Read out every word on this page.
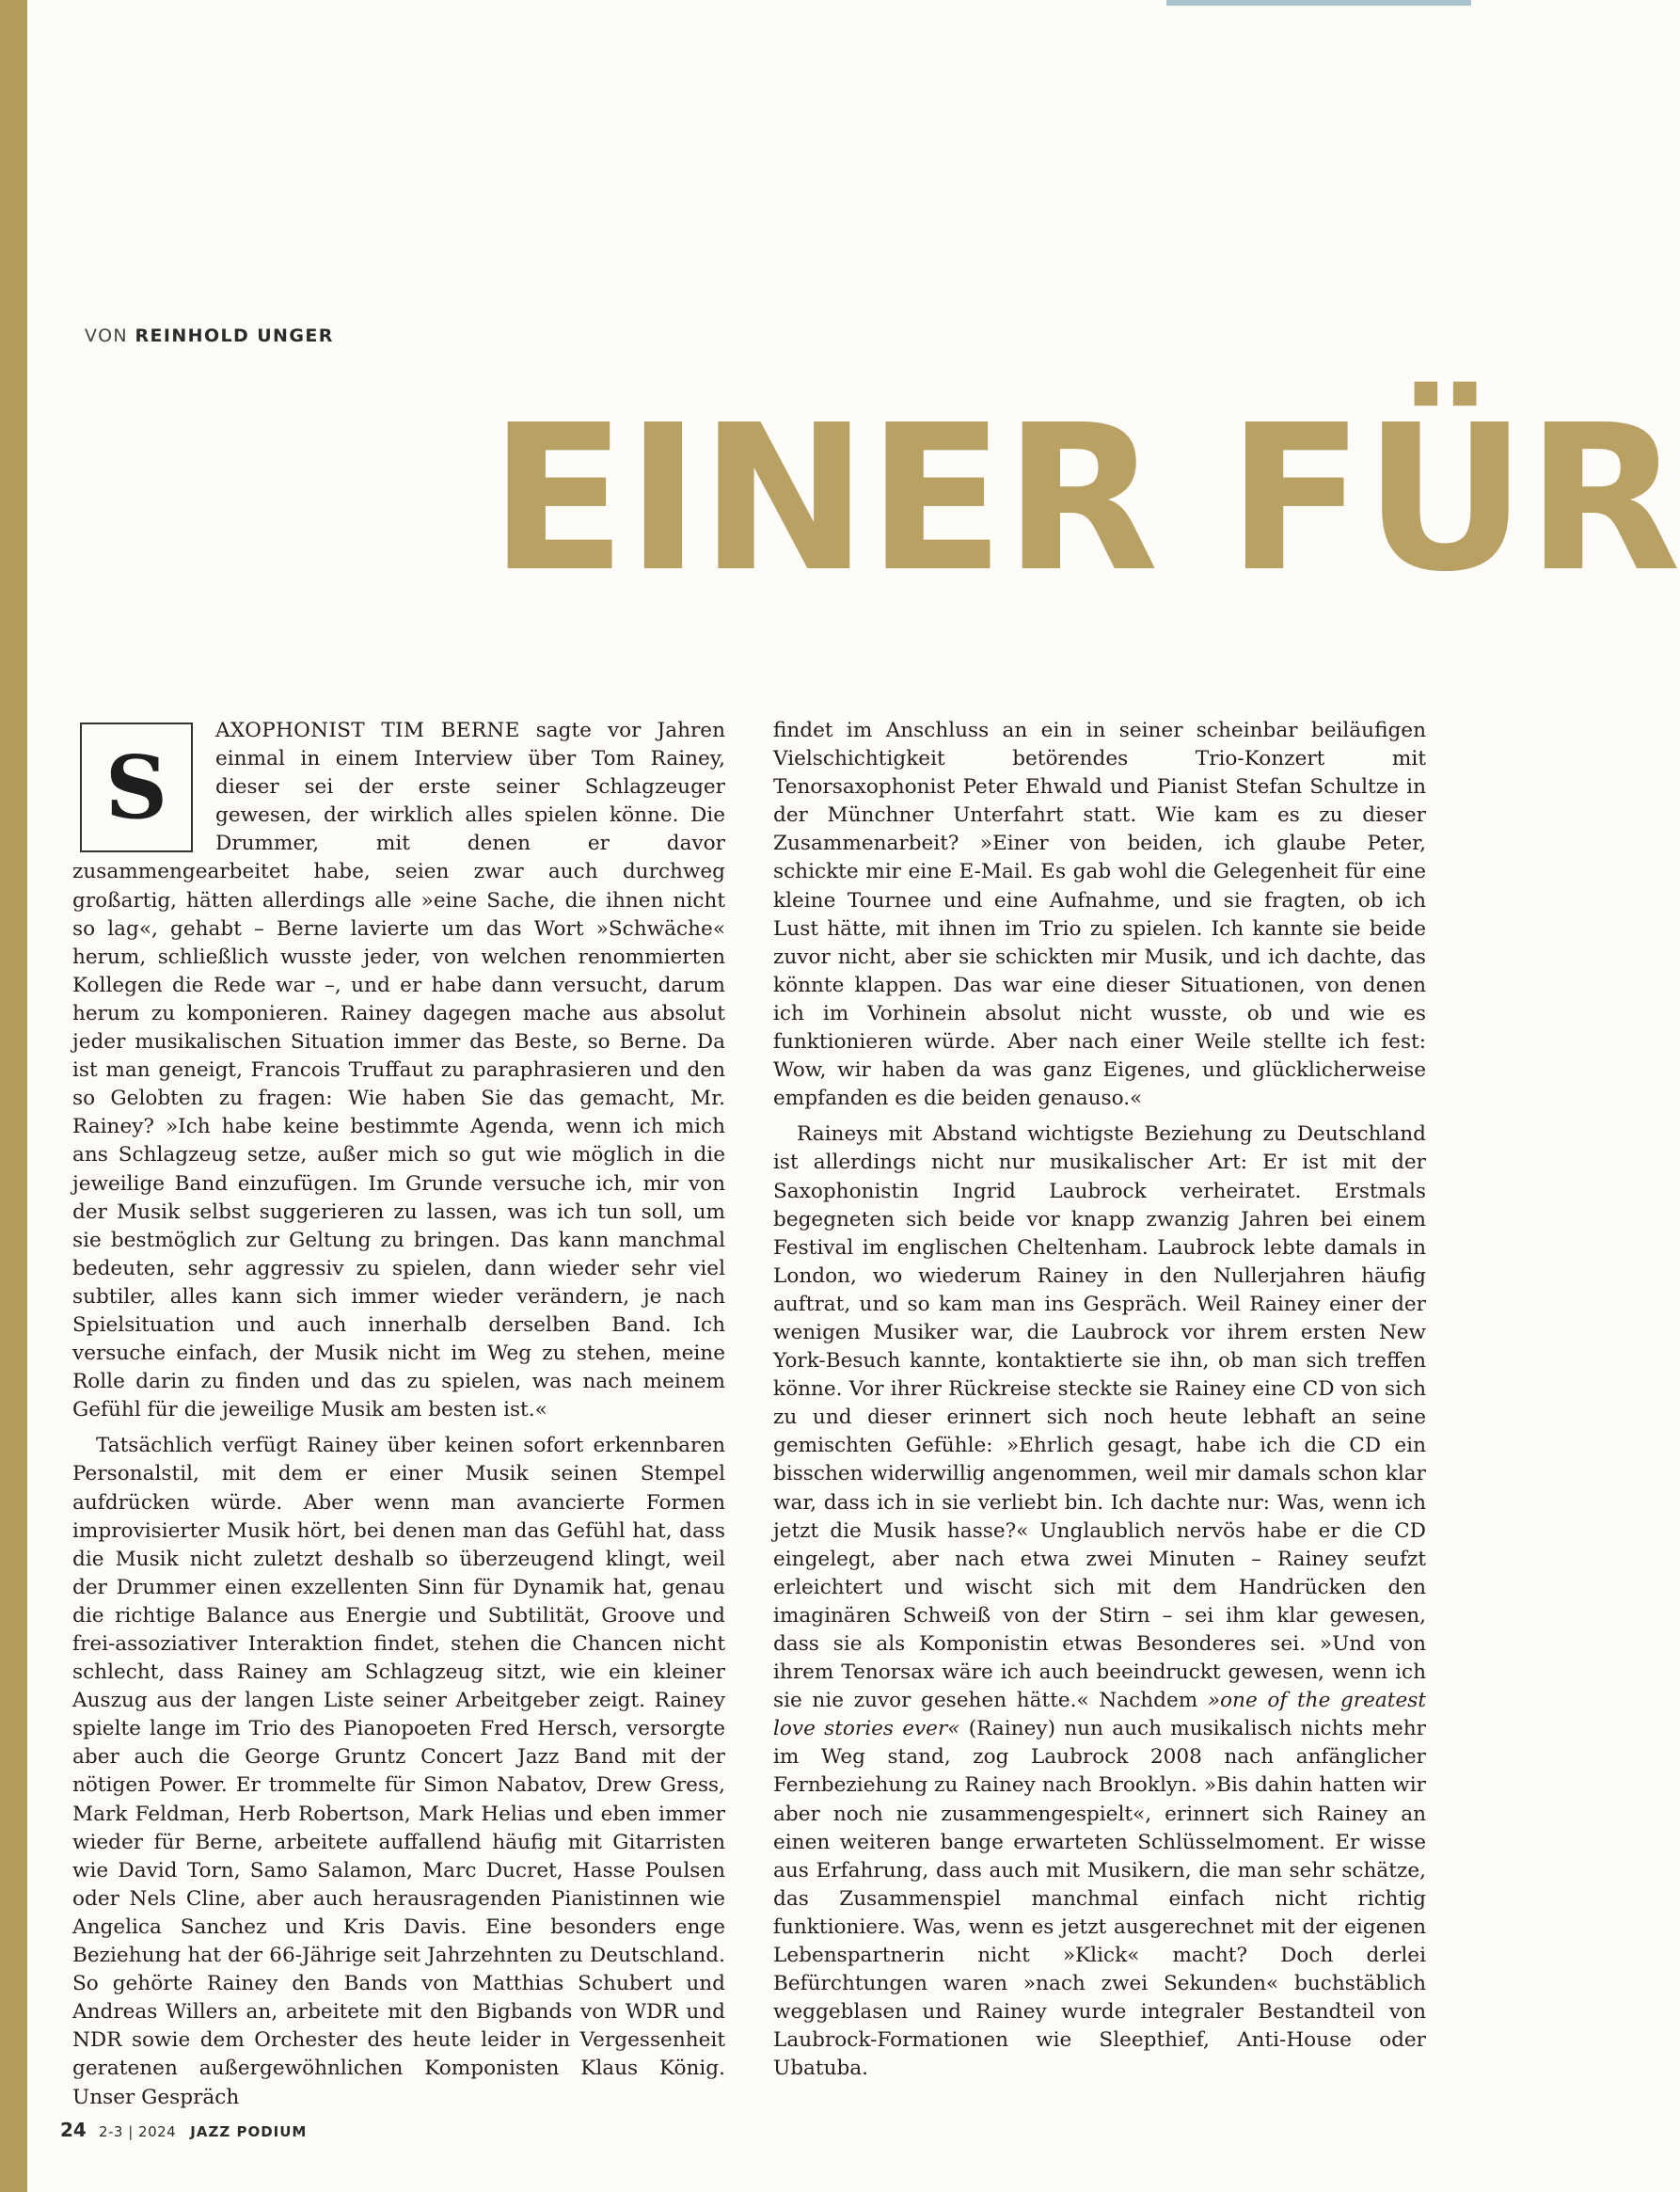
VON REINHOLD UNGER
EINER FÜR

S
AXOPHONIST TIM BERNE sagte vor Jahren einmal in einem Interview über Tom Rainey, dieser sei der erste seiner Schlagzeuger gewesen, der wirklich alles spielen könne. Die Drummer, mit denen er davor zusammengearbeitet habe, seien zwar auch durchweg großartig, hätten allerdings alle »eine Sache, die ihnen nicht so lag«, gehabt – Berne lavierte um das Wort »Schwäche« herum, schließlich wusste jeder, von welchen renommierten Kollegen die Rede war –, und er habe dann versucht, darum herum zu komponieren. Rainey dagegen mache aus absolut jeder musikalischen Situation immer das Beste, so Berne. Da ist man geneigt, Francois Truffaut zu paraphrasieren und den so Gelobten zu fragen: Wie haben Sie das gemacht, Mr. Rainey? »Ich habe keine bestimmte Agenda, wenn ich mich ans Schlagzeug setze, außer mich so gut wie möglich in die jeweilige Band einzufügen. Im Grunde versuche ich, mir von der Musik selbst suggerieren zu lassen, was ich tun soll, um sie bestmöglich zur Geltung zu bringen. Das kann manchmal bedeuten, sehr aggressiv zu spielen, dann wieder sehr viel subtiler, alles kann sich immer wieder verändern, je nach Spielsituation und auch innerhalb derselben Band. Ich versuche einfach, der Musik nicht im Weg zu stehen, meine Rolle darin zu finden und das zu spielen, was nach meinem Gefühl für die jeweilige Musik am besten ist.«

Tatsächlich verfügt Rainey über keinen sofort erkennbaren Personalstil, mit dem er einer Musik seinen Stempel aufdrücken würde. Aber wenn man avancierte Formen improvisierter Musik hört, bei denen man das Gefühl hat, dass die Musik nicht zuletzt deshalb so überzeugend klingt, weil der Drummer einen exzellenten Sinn für Dynamik hat, genau die richtige Balance aus Energie und Subtilität, Groove und frei-assoziativer Interaktion findet, stehen die Chancen nicht schlecht, dass Rainey am Schlagzeug sitzt, wie ein kleiner Auszug aus der langen Liste seiner Arbeitgeber zeigt. Rainey spielte lange im Trio des Pianopoeten Fred Hersch, versorgte aber auch die George Gruntz Concert Jazz Band mit der nötigen Power. Er trommelte für Simon Nabatov, Drew Gress, Mark Feldman, Herb Robertson, Mark Helias und eben immer wieder für Berne, arbeitete auffallend häufig mit Gitarristen wie David Torn, Samo Salamon, Marc Ducret, Hasse Poulsen oder Nels Cline, aber auch herausragenden Pianistinnen wie Angelica Sanchez und Kris Davis. Eine besonders enge Beziehung hat der 66-Jährige seit Jahrzehnten zu Deutschland. So gehörte Rainey den Bands von Matthias Schubert und Andreas Willers an, arbeitete mit den Bigbands von WDR und NDR sowie dem Orchester des heute leider in Vergessenheit geratenen außergewöhnlichen Komponisten Klaus König. Unser Gespräch

findet im Anschluss an ein in seiner scheinbar beiläufigen Vielschichtigkeit betörendes Trio-Konzert mit Tenorsaxophonist Peter Ehwald und Pianist Stefan Schultze in der Münchner Unterfahrt statt. Wie kam es zu dieser Zusammenarbeit? »Einer von beiden, ich glaube Peter, schickte mir eine E-Mail. Es gab wohl die Gelegenheit für eine kleine Tournee und eine Aufnahme, und sie fragten, ob ich Lust hätte, mit ihnen im Trio zu spielen. Ich kannte sie beide zuvor nicht, aber sie schickten mir Musik, und ich dachte, das könnte klappen. Das war eine dieser Situationen, von denen ich im Vorhinein absolut nicht wusste, ob und wie es funktionieren würde. Aber nach einer Weile stellte ich fest: Wow, wir haben da was ganz Eigenes, und glücklicherweise empfanden es die beiden genauso.«

Raineys mit Abstand wichtigste Beziehung zu Deutschland ist allerdings nicht nur musikalischer Art: Er ist mit der Saxophonistin Ingrid Laubrock verheiratet. Erstmals begegneten sich beide vor knapp zwanzig Jahren bei einem Festival im englischen Cheltenham. Laubrock lebte damals in London, wo wiederum Rainey in den Nullerjahren häufig auftrat, und so kam man ins Gespräch. Weil Rainey einer der wenigen Musiker war, die Laubrock vor ihrem ersten New York-Besuch kannte, kontaktierte sie ihn, ob man sich treffen könne. Vor ihrer Rückreise steckte sie Rainey eine CD von sich zu und dieser erinnert sich noch heute lebhaft an seine gemischten Gefühle: »Ehrlich gesagt, habe ich die CD ein bisschen widerwillig angenommen, weil mir damals schon klar war, dass ich in sie verliebt bin. Ich dachte nur: Was, wenn ich jetzt die Musik hasse?« Unglaublich nervös habe er die CD eingelegt, aber nach etwa zwei Minuten – Rainey seufzt erleichtert und wischt sich mit dem Handrücken den imaginären Schweiß von der Stirn – sei ihm klar gewesen, dass sie als Komponistin etwas Besonderes sei. »Und von ihrem Tenorsax wäre ich auch beeindruckt gewesen, wenn ich sie nie zuvor gesehen hätte.« Nachdem »one of the greatest love stories ever« (Rainey) nun auch musikalisch nichts mehr im Weg stand, zog Laubrock 2008 nach anfänglicher Fernbeziehung zu Rainey nach Brooklyn. »Bis dahin hatten wir aber noch nie zusammengespielt«, erinnert sich Rainey an einen weiteren bange erwarteten Schlüsselmoment. Er wisse aus Erfahrung, dass auch mit Musikern, die man sehr schätze, das Zusammenspiel manchmal einfach nicht richtig funktioniere. Was, wenn es jetzt ausgerechnet mit der eigenen Lebenspartnerin nicht »Klick« macht? Doch derlei Befürchtungen waren »nach zwei Sekunden« buchstäblich weggeblasen und Rainey wurde integraler Bestandteil von Laubrock-Formationen wie Sleepthief, Anti-House oder Ubatuba.

24 2-3 | 2024 JAZZ PODIUM
